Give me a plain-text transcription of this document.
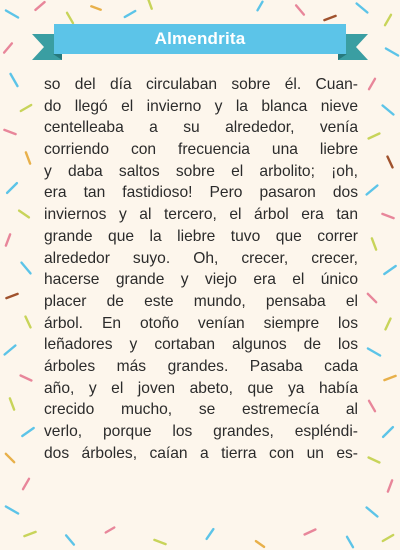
Almendrita
so del día circulaban sobre él. Cuan-
do llegó el invierno y la blanca nieve
centelleaba a su alrededor, venía
corriendo con frecuencia una liebre
y daba saltos sobre el arbolito; ¡oh,
era tan fastidioso! Pero pasaron dos
inviernos y al tercero, el árbol era tan
grande que la liebre tuvo que correr
alrededor suyo. Oh, crecer, crecer,
hacerse grande y viejo era el único
placer de este mundo, pensaba el
árbol. En otoño venían siempre los
leñadores y cortaban algunos de los
árboles más grandes. Pasaba cada
año, y el joven abeto, que ya había
crecido mucho, se estremecía al
verlo, porque los grandes, espléndi-
dos árboles, caían a tierra con un es-
